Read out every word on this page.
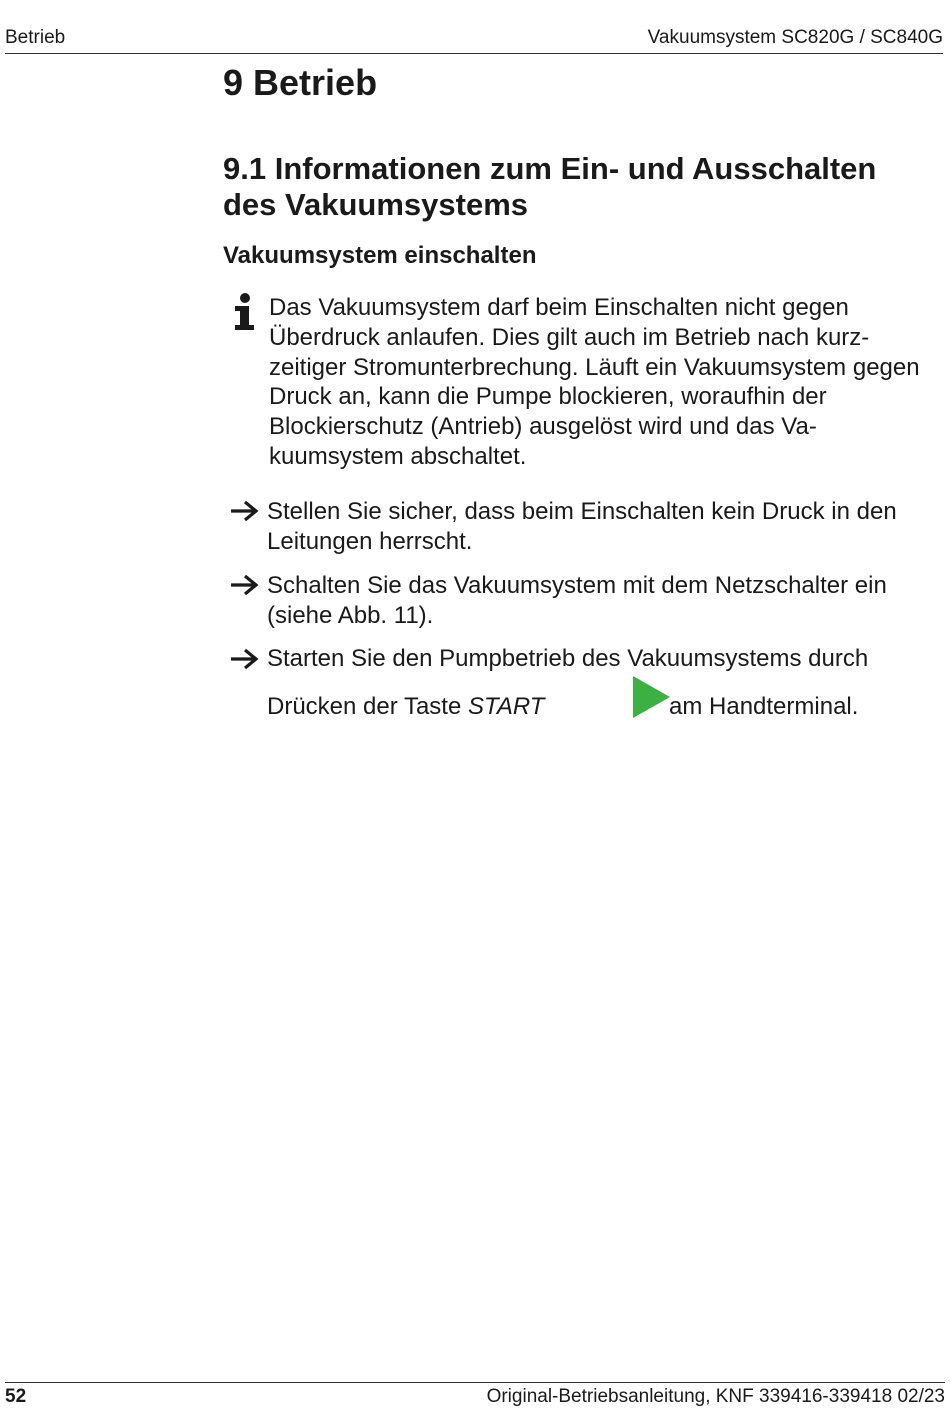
Betrieb	Vakuumsystem SC820G / SC840G
9 Betrieb
9.1 Informationen zum Ein- und Ausschalten des Vakuumsystems
Vakuumsystem einschalten

Das Vakuumsystem darf beim Einschalten nicht gegen Überdruck anlaufen. Dies gilt auch im Betrieb nach kurzzeitiger Stromunterbrechung. Läuft ein Vakuumsystem gegen Druck an, kann die Pumpe blockieren, woraufhin der Blockierschutz (Antrieb) ausgelöst wird und das Vakuumsystem abschaltet.

Stellen Sie sicher, dass beim Einschalten kein Druck in den Leitungen herrscht.

Schalten Sie das Vakuumsystem mit dem Netzschalter ein (siehe Abb. 11).

Starten Sie den Pumpbetrieb des Vakuumsystems durch
Drücken der Taste START	am Handterminal.
52	Original-Betriebsanleitung, KNF 339416-339418 02/23
